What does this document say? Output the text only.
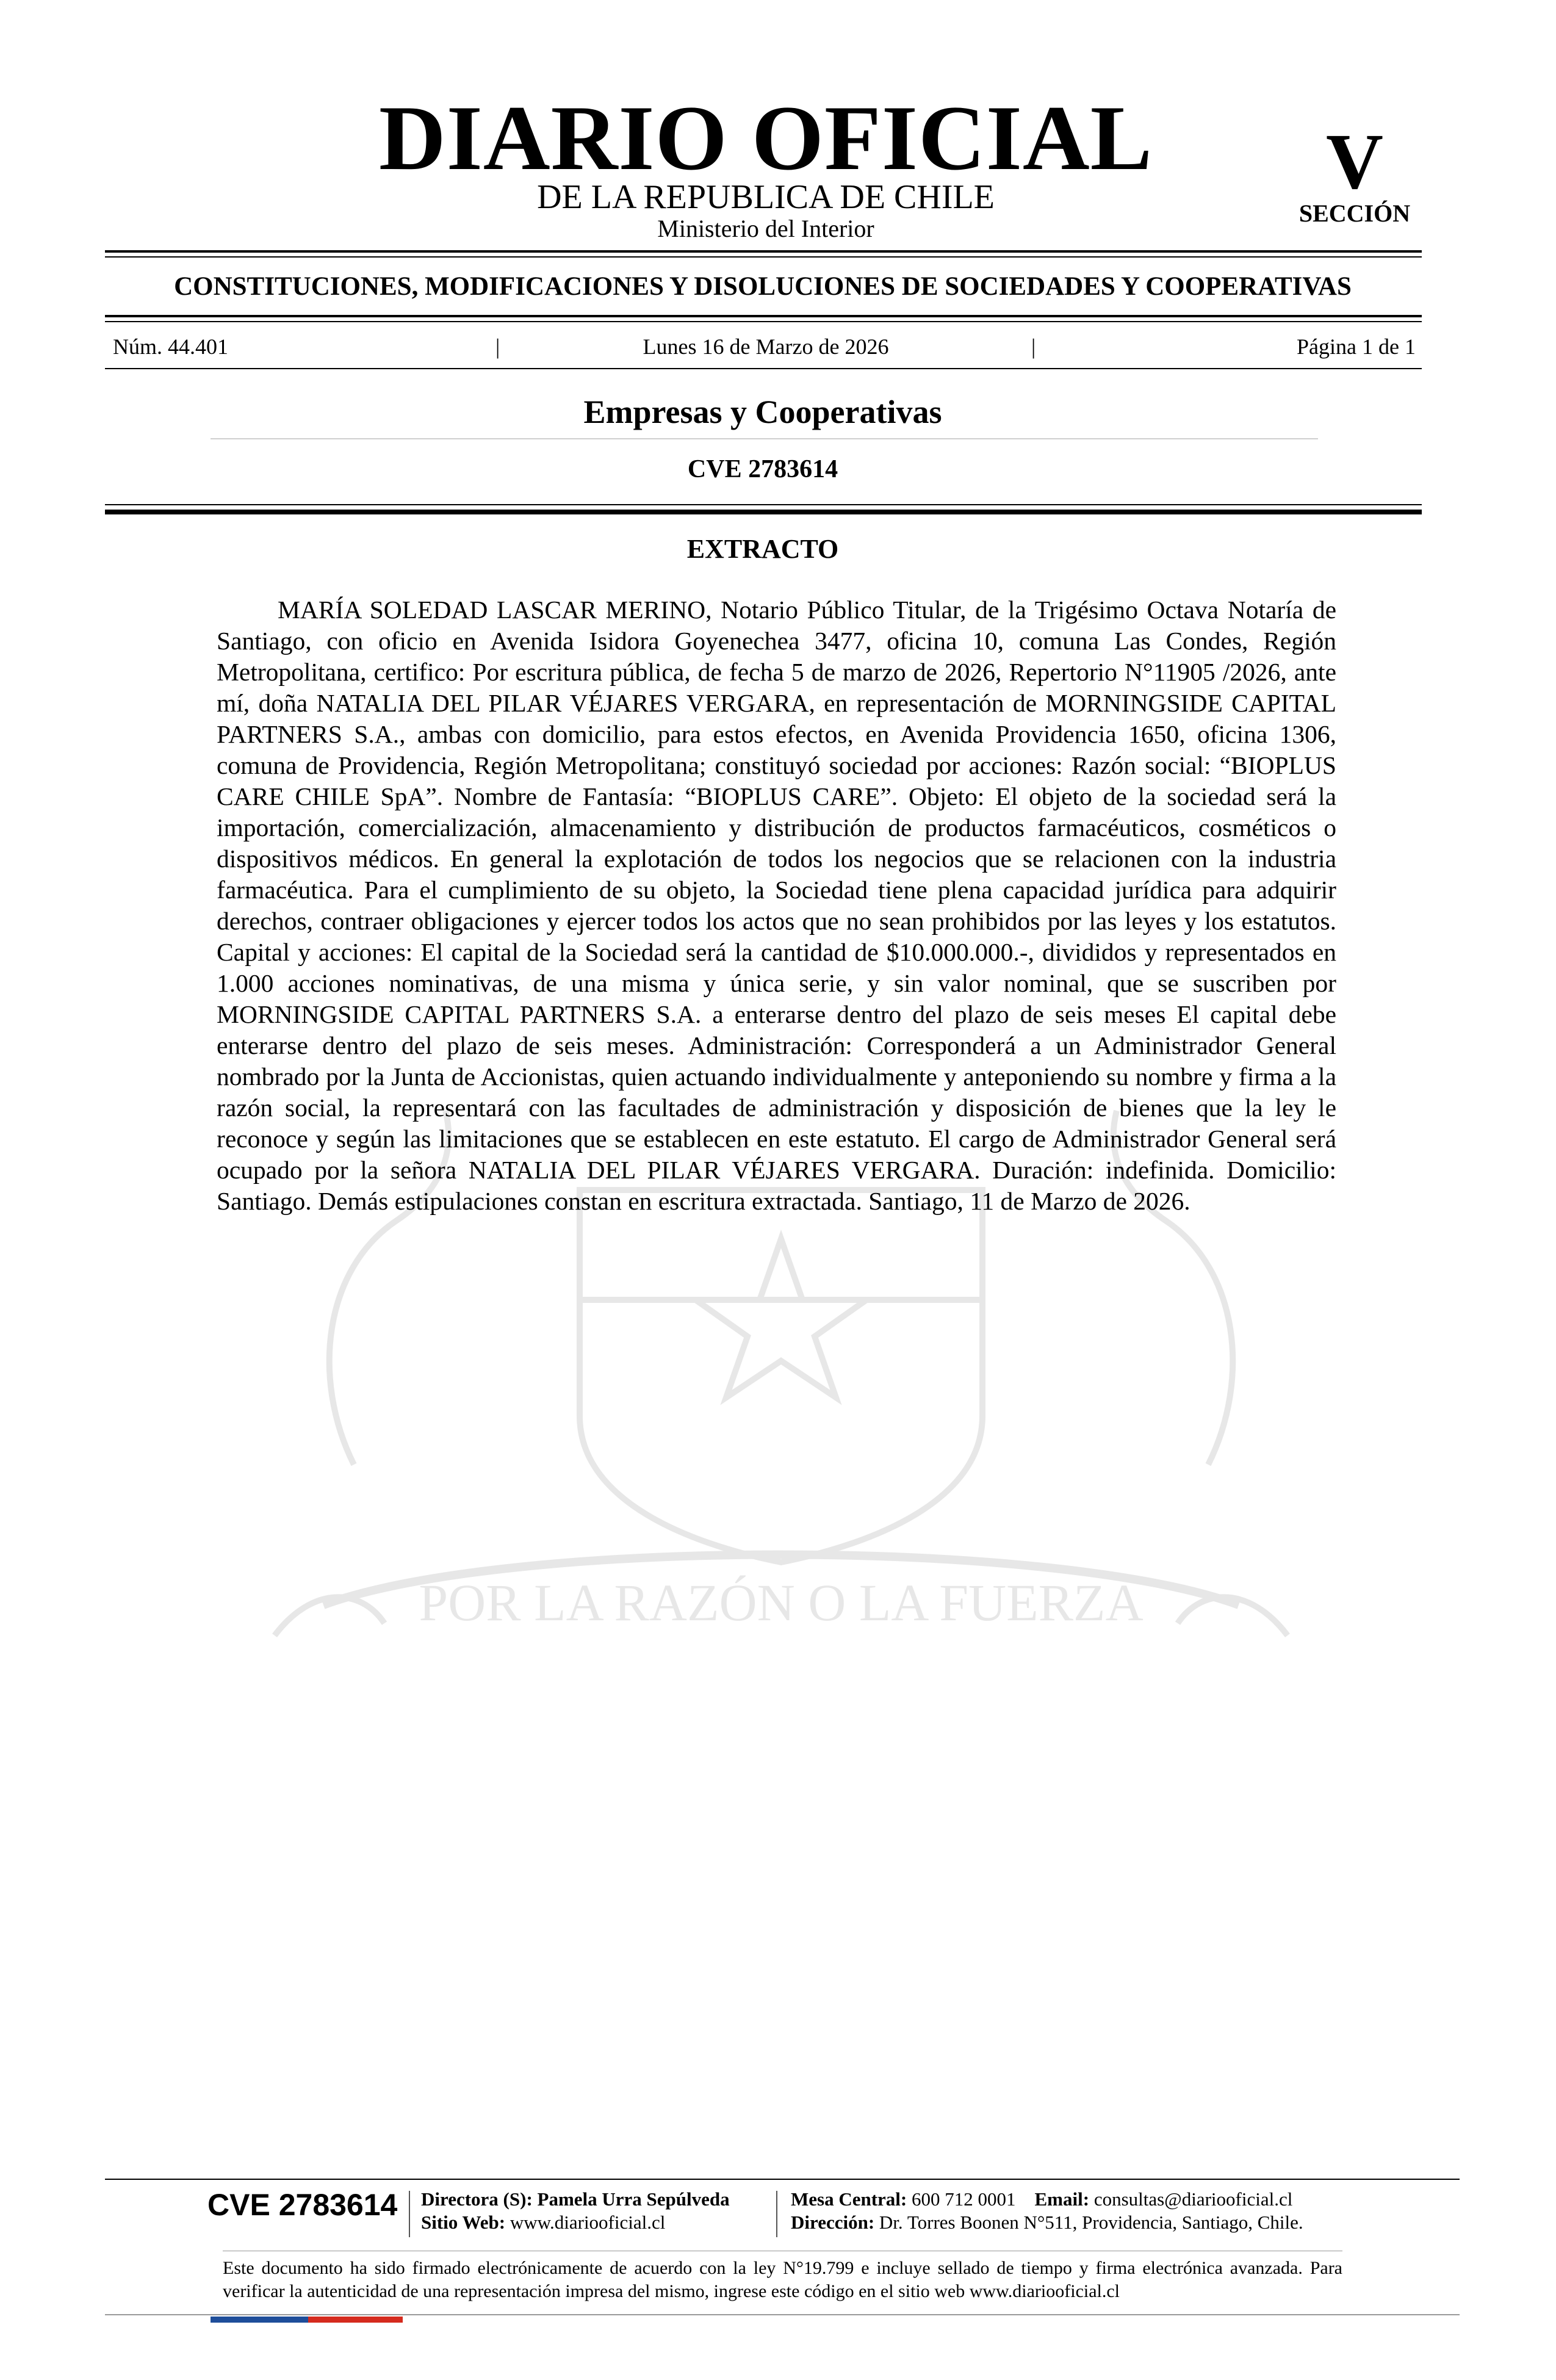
POR LA RAZÓN O LA FUERZA
DIARIO OFICIAL
DE LA REPUBLICA DE CHILE
Ministerio del Interior
V
SECCIÓN
CONSTITUCIONES, MODIFICACIONES Y DISOLUCIONES DE SOCIEDADES Y COOPERATIVAS
Núm. 44.401	|	Lunes 16 de Marzo de 2026	|	Página 1 de 1
Empresas y Cooperativas
CVE 2783614
EXTRACTO
MARÍA SOLEDAD LASCAR MERINO, Notario Público Titular, de la Trigésimo Octava Notaría de Santiago, con oficio en Avenida Isidora Goyenechea 3477, oficina 10, comuna Las Condes, Región Metropolitana, certifico: Por escritura pública, de fecha 5 de marzo de 2026, Repertorio N°11905 /2026, ante mí, doña NATALIA DEL PILAR VÉJARES VERGARA, en representación de MORNINGSIDE CAPITAL PARTNERS S.A., ambas con domicilio, para estos efectos, en Avenida Providencia 1650, oficina 1306, comuna de Providencia, Región Metropolitana; constituyó sociedad por acciones: Razón social: “BIOPLUS CARE CHILE SpA”. Nombre de Fantasía: “BIOPLUS CARE”. Objeto: El objeto de la sociedad será la importación, comercialización, almacenamiento y distribución de productos farmacéuticos, cosméticos o dispositivos médicos. En general la explotación de todos los negocios que se relacionen con la industria farmacéutica. Para el cumplimiento de su objeto, la Sociedad tiene plena capacidad jurídica para adquirir derechos, contraer obligaciones y ejercer todos los actos que no sean prohibidos por las leyes y los estatutos. Capital y acciones: El capital de la Sociedad será la cantidad de $10.000.000.-, divididos y representados en 1.000 acciones nominativas, de una misma y única serie, y sin valor nominal, que se suscriben por MORNINGSIDE CAPITAL PARTNERS S.A. a enterarse dentro del plazo de seis meses El capital debe enterarse dentro del plazo de seis meses. Administración: Corresponderá a un Administrador General nombrado por la Junta de Accionistas, quien actuando individualmente y anteponiendo su nombre y firma a la razón social, la representará con las facultades de administración y disposición de bienes que la ley le reconoce y según las limitaciones que se establecen en este estatuto. El cargo de Administrador General será ocupado por la señora NATALIA DEL PILAR VÉJARES VERGARA. Duración: indefinida. Domicilio: Santiago. Demás estipulaciones constan en escritura extractada. Santiago, 11 de Marzo de 2026.
CVE 2783614 Directora (S): Pamela Urra Sepúlveda
Sitio Web: www.diariooficial.cl
Mesa Central: 600 712 0001 Email: consultas@diariooficial.cl
Dirección: Dr. Torres Boonen N°511, Providencia, Santiago, Chile.
Este documento ha sido firmado electrónicamente de acuerdo con la ley N°19.799 e incluye sellado de tiempo y firma electrónica avanzada. Para verificar la autenticidad de una representación impresa del mismo, ingrese este código en el sitio web www.diariooficial.cl
